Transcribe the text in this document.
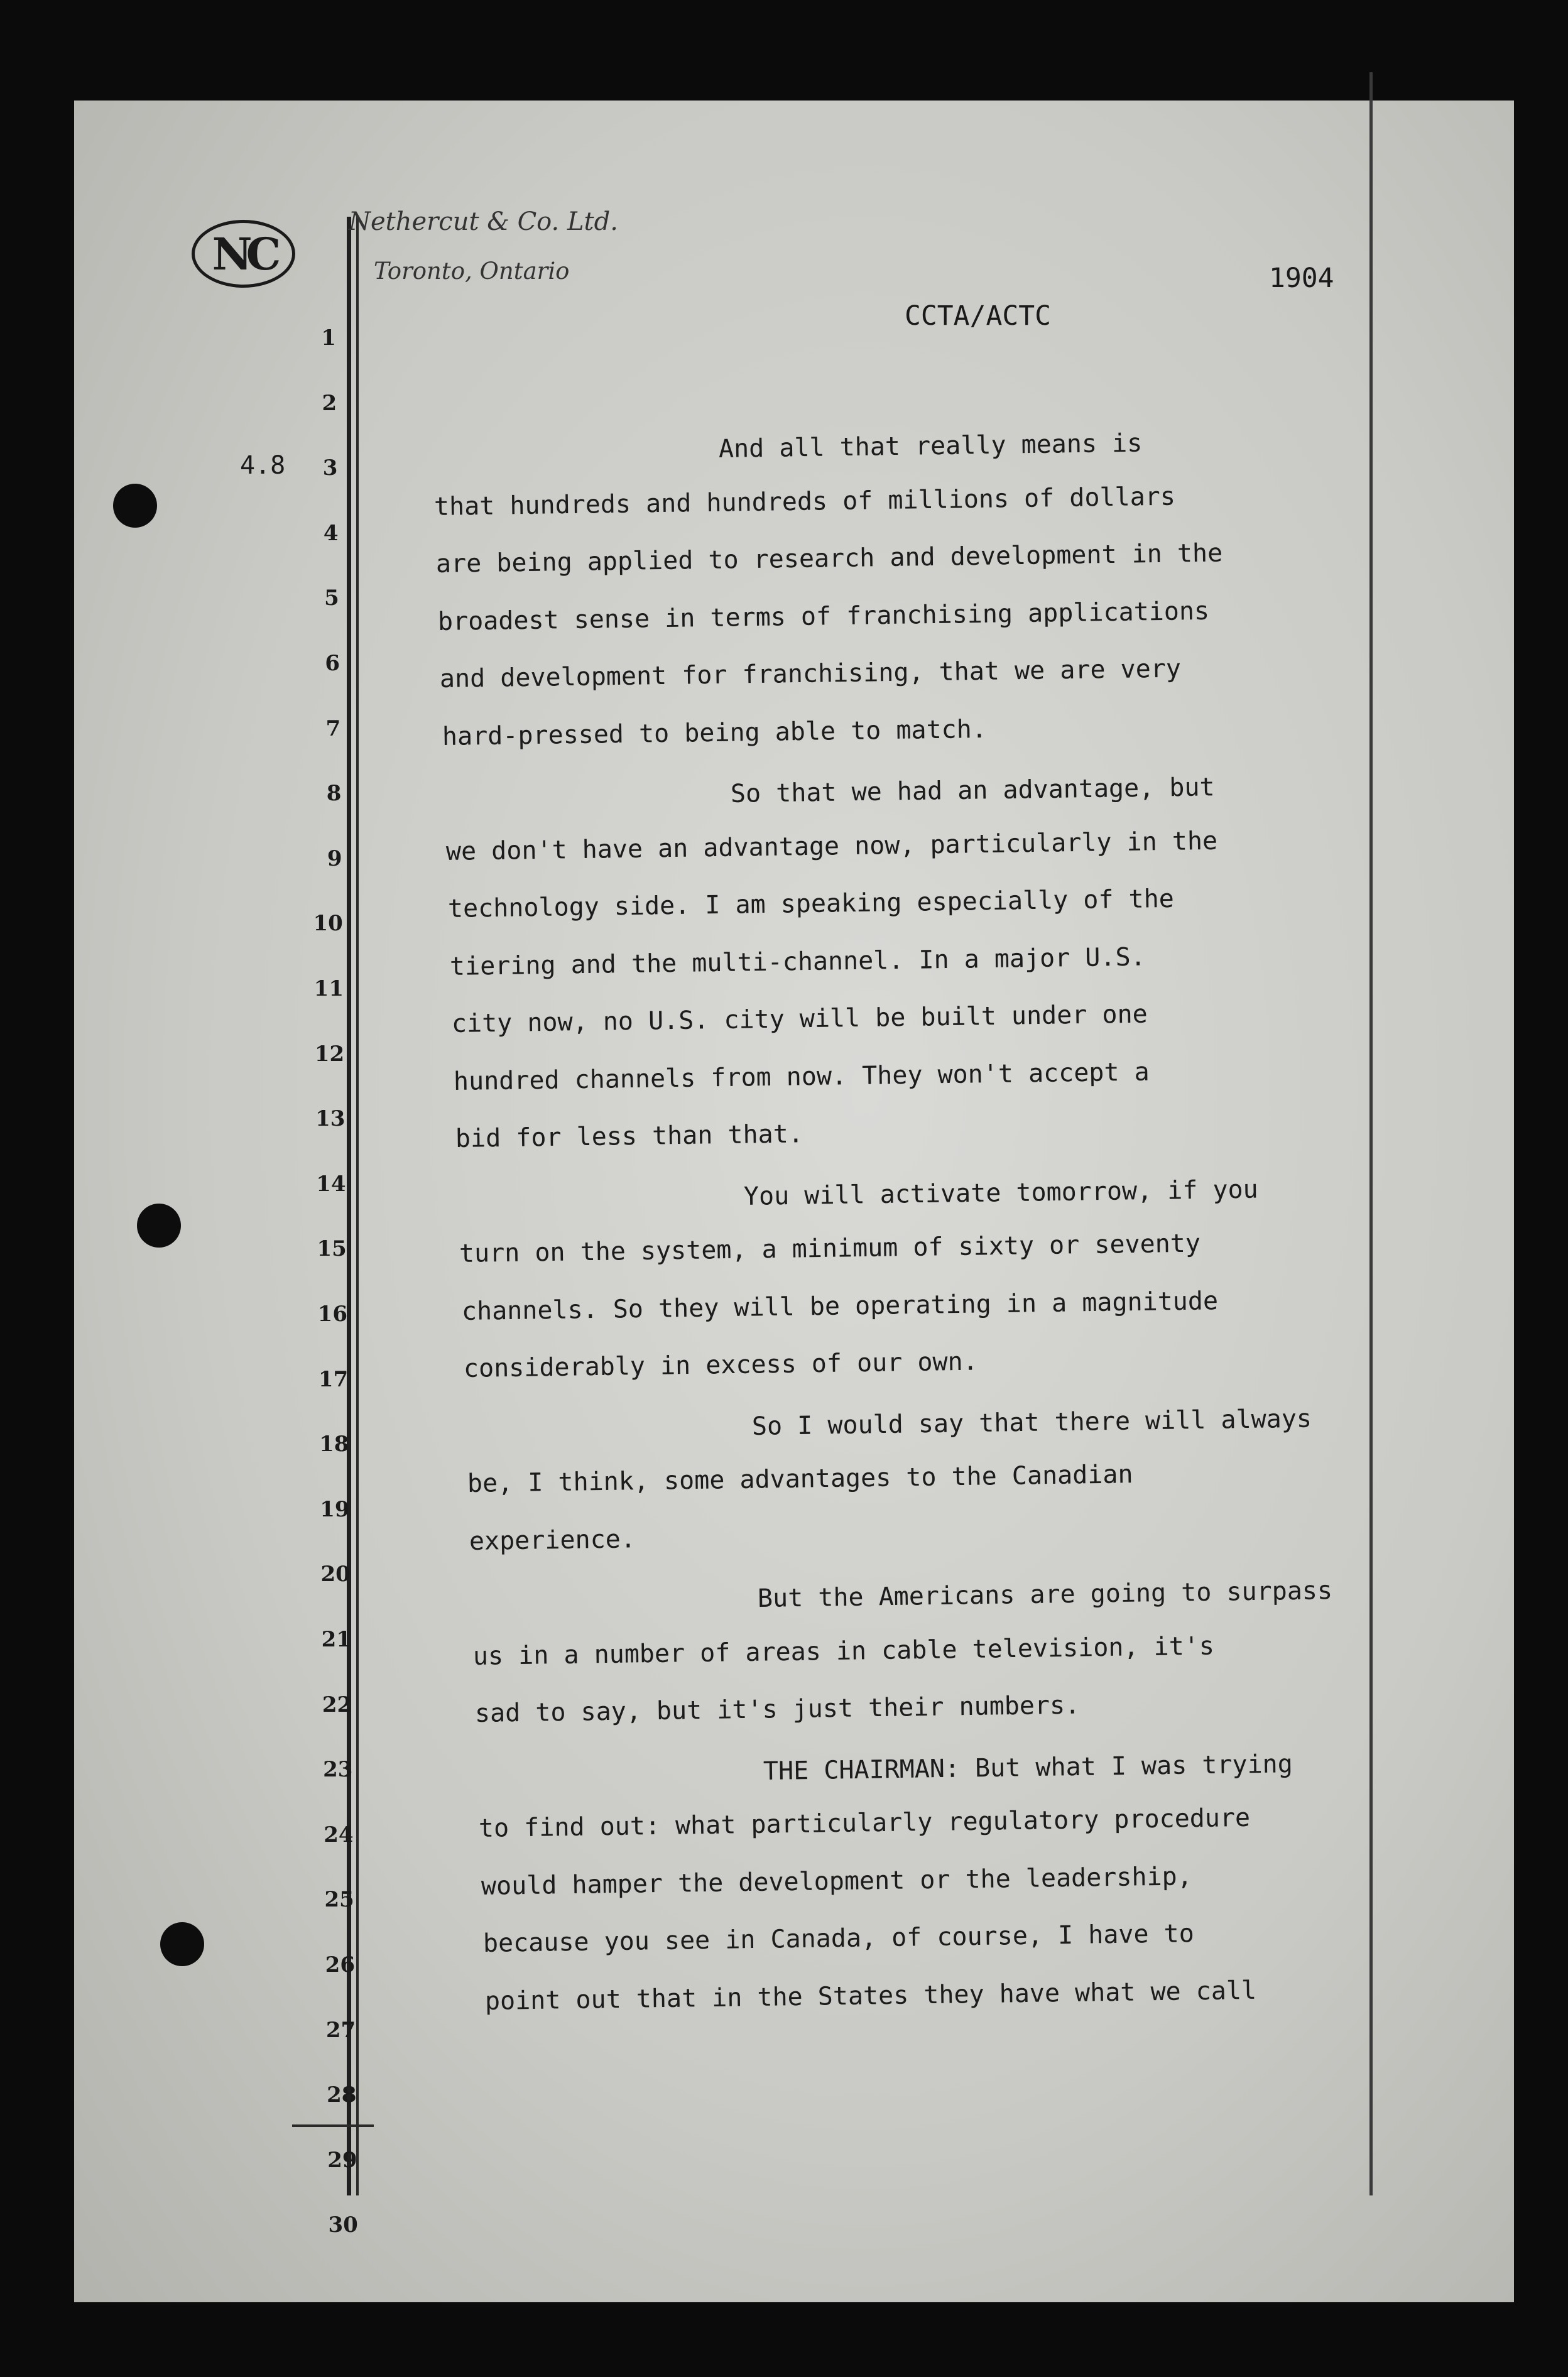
NC
Nethercut & Co. Ltd.
Toronto, Ontario	1904
CCTA/ACTC
4.8
1
2
3
4
5
6
7
8
9
10
11
12
13
14
15
16
17
18
19
20
21
22
23
24
25
26
27
28
29
30
And all that really means is
that hundreds and hundreds of millions of dollars
are being applied to research and development in the
broadest sense in terms of franchising applications
and development for franchising, that we are very
hard-pressed to being able to match.
So that we had an advantage, but
we don't have an advantage now, particularly in the
technology side. I am speaking especially of the
tiering and the multi-channel. In a major U.S.
city now, no U.S. city will be built under one
hundred channels from now. They won't accept a
bid for less than that.
You will activate tomorrow, if you
turn on the system, a minimum of sixty or seventy
channels. So they will be operating in a magnitude
considerably in excess of our own.
So I would say that there will always
be, I think, some advantages to the Canadian
experience.
But the Americans are going to surpass
us in a number of areas in cable television, it's
sad to say, but it's just their numbers.
THE CHAIRMAN: But what I was trying
to find out: what particularly regulatory procedure
would hamper the development or the leadership,
because you see in Canada, of course, I have to
point out that in the States they have what we call
